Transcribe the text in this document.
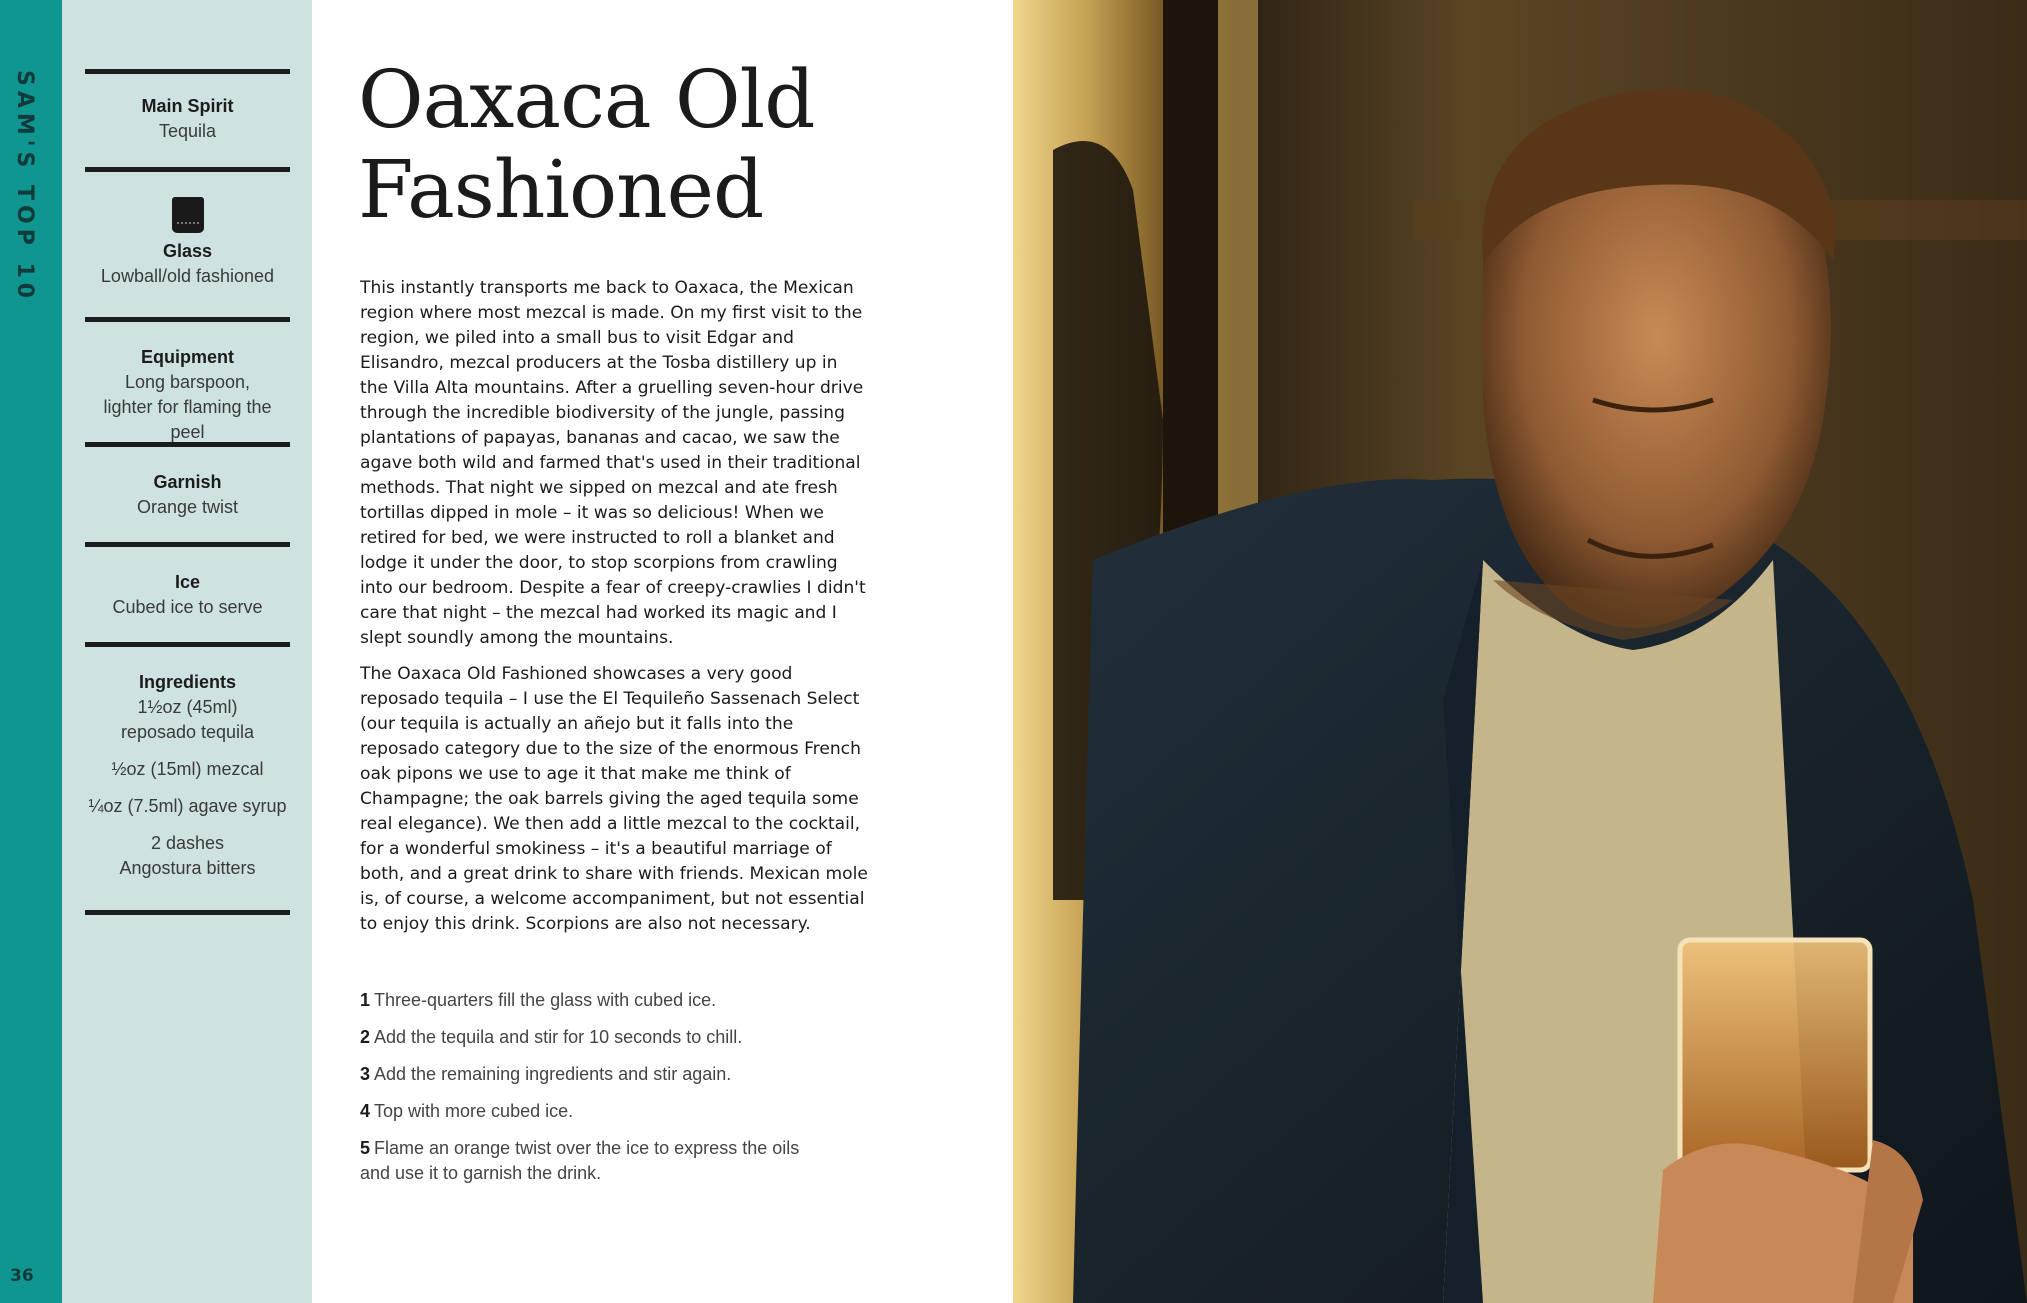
SAM'S TOP 10
36
Main Spirit
Tequila
Glass
Lowball/old fashioned
Equipment
Long barspoon, lighter for flaming the peel
Garnish
Orange twist
Ice
Cubed ice to serve
Ingredients
1½oz (45ml) reposado tequila
½oz (15ml) mezcal
¼oz (7.5ml) agave syrup
2 dashes Angostura bitters
Oaxaca Old Fashioned

This instantly transports me back to Oaxaca, the Mexican region where most mezcal is made. On my first visit to the region, we piled into a small bus to visit Edgar and Elisandro, mezcal producers at the Tosba distillery up in the Villa Alta mountains. After a gruelling seven-hour drive through the incredible biodiversity of the jungle, passing plantations of papayas, bananas and cacao, we saw the agave both wild and farmed that's used in their traditional methods. That night we sipped on mezcal and ate fresh tortillas dipped in mole – it was so delicious! When we retired for bed, we were instructed to roll a blanket and lodge it under the door, to stop scorpions from crawling into our bedroom. Despite a fear of creepy-crawlies I didn't care that night – the mezcal had worked its magic and I slept soundly among the mountains.

The Oaxaca Old Fashioned showcases a very good reposado tequila – I use the El Tequileño Sassenach Select (our tequila is actually an añejo but it falls into the reposado category due to the size of the enormous French oak pipons we use to age it that make me think of Champagne; the oak barrels giving the aged tequila some real elegance). We then add a little mezcal to the cocktail, for a wonderful smokiness – it's a beautiful marriage of both, and a great drink to share with friends. Mexican mole is, of course, a welcome accompaniment, but not essential to enjoy this drink. Scorpions are also not necessary.

1 Three-quarters fill the glass with cubed ice.
2 Add the tequila and stir for 10 seconds to chill.
3 Add the remaining ingredients and stir again.
4 Top with more cubed ice.
5 Flame an orange twist over the ice to express the oils and use it to garnish the drink.
